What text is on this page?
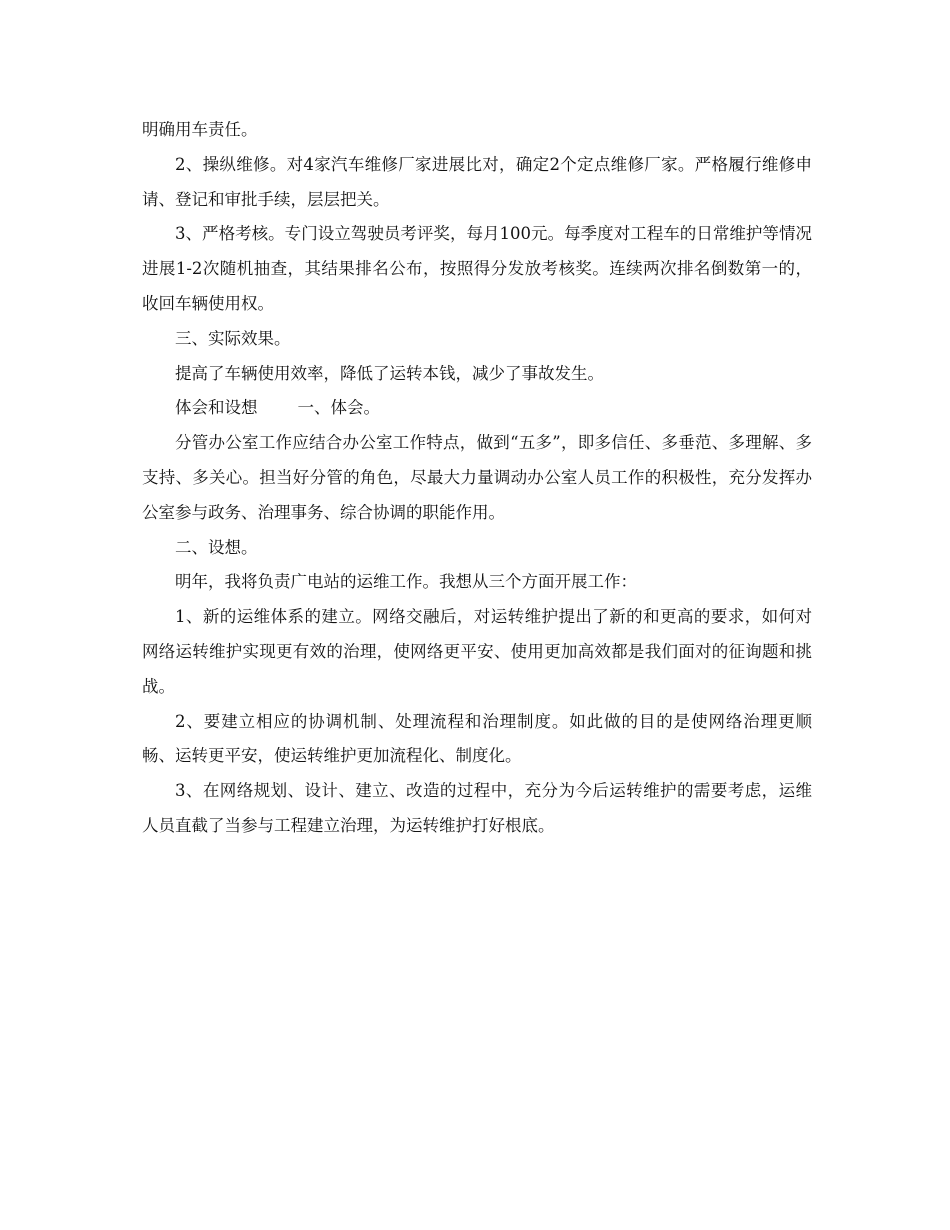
明确用车责任。

2、操纵维修。对4家汽车维修厂家进展比对，确定2个定点维修厂家。严格履行维修申请、登记和审批手续，层层把关。

3、严格考核。专门设立驾驶员考评奖，每月100元。每季度对工程车的日常维护等情况进展1-2次随机抽查，其结果排名公布，按照得分发放考核奖。连续两次排名倒数第一的，收回车辆使用权。

三、实际效果。

提高了车辆使用效率，降低了运转本钱，减少了事故发生。

体会和设想 一、体会。

分管办公室工作应结合办公室工作特点，做到“五多”，即多信任、多垂范、多理解、多支持、多关心。担当好分管的角色，尽最大力量调动办公室人员工作的积极性，充分发挥办公室参与政务、治理事务、综合协调的职能作用。

二、设想。

明年，我将负责广电站的运维工作。我想从三个方面开展工作：

1、新的运维体系的建立。网络交融后，对运转维护提出了新的和更高的要求，如何对网络运转维护实现更有效的治理，使网络更平安、使用更加高效都是我们面对的征询题和挑战。

2、要建立相应的协调机制、处理流程和治理制度。如此做的目的是使网络治理更顺畅、运转更平安，使运转维护更加流程化、制度化。

3、在网络规划、设计、建立、改造的过程中，充分为今后运转维护的需要考虑，运维人员直截了当参与工程建立治理，为运转维护打好根底。
